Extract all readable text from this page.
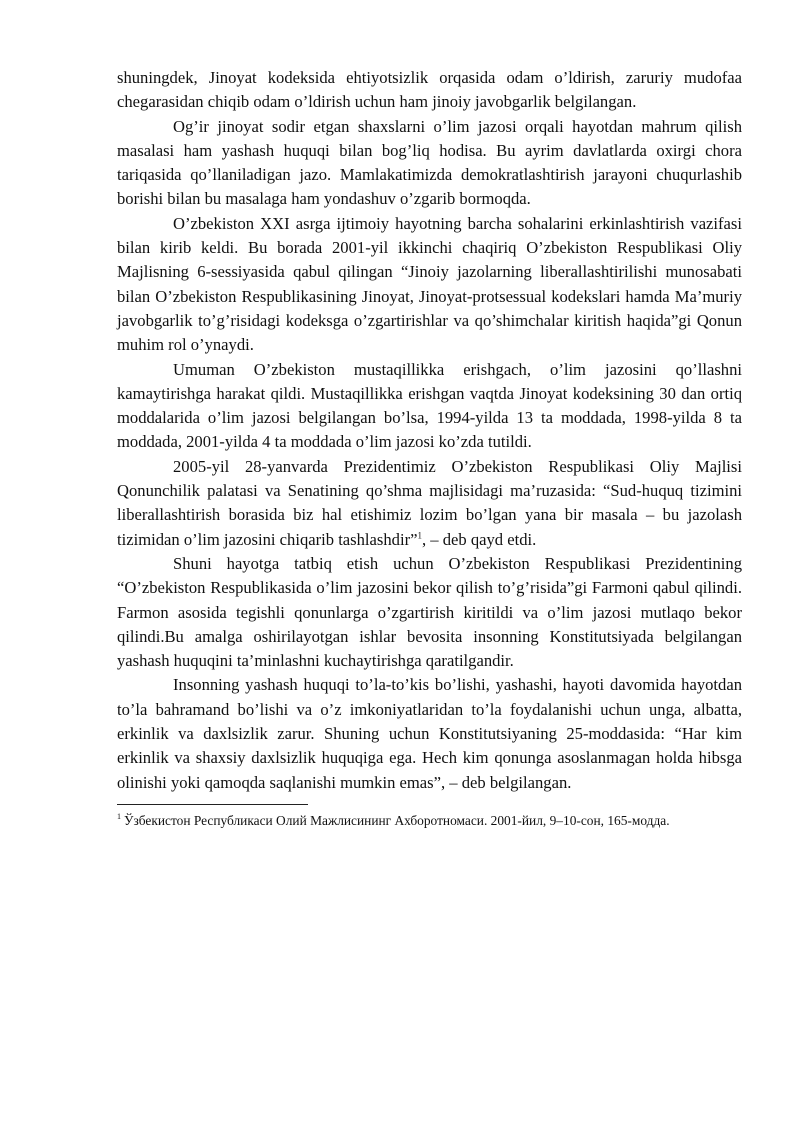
shuningdek, Jinoyat kodeksida ehtiyotsizlik orqasida odam o’ldirish, zaruriy mudofaa chegarasidan chiqib odam o’ldirish uchun ham jinoiy javobgarlik belgilangan.

Og’ir jinoyat sodir etgan shaxslarni o’lim jazosi orqali hayotdan mahrum qilish masalasi ham yashash huquqi bilan bog’liq hodisa. Bu ayrim davlatlarda oxirgi chora tariqasida qo’llaniladigan jazo. Mamlakatimizda demokratlashtirish jarayoni chuqurlashib borishi bilan bu masalaga ham yondashuv o’zgarib bormoqda.

O’zbekiston XXI asrga ijtimoiy hayotning barcha sohalarini erkinlashtirish vazifasi bilan kirib keldi. Bu borada 2001-yil ikkinchi chaqiriq O’zbekiston Respublikasi Oliy Majlisning 6-sessiyasida qabul qilingan “Jinoiy jazolarning liberallashtirilishi munosabati bilan O’zbekiston Respublikasining Jinoyat, Jinoyat-protsessual kodekslari hamda Ma’muriy javobgarlik to’g’risidagi kodeksga o’zgartirishlar va qo’shimchalar kiritish haqida”gi Qonun muhim rol o’ynaydi.

Umuman O’zbekiston mustaqillikka erishgach, o’lim jazosini qo’llashni kamaytirishga harakat qildi. Mustaqillikka erishgan vaqtda Jinoyat kodeksining 30 dan ortiq moddalarida o’lim jazosi belgilangan bo’lsa, 1994-yilda 13 ta moddada, 1998-yilda 8 ta moddada, 2001-yilda 4 ta moddada o’lim jazosi ko’zda tutildi.

2005-yil 28-yanvarda Prezidentimiz O’zbekiston Respublikasi Oliy Majlisi Qonunchilik palatasi va Senatining qo’shma majlisidagi ma’ruzasida: “Sud-huquq tizimini liberallashtirish borasida biz hal etishimiz lozim bo’lgan yana bir masala – bu jazolash tizimidan o’lim jazosini chiqarib tashlashdir”$^1$, – deb qayd etdi.

Shuni hayotga tatbiq etish uchun O’zbekiston Respublikasi Prezidentining “O’zbekiston Respublikasida o’lim jazosini bekor qilish to’g’risida”gi Farmoni qabul qilindi. Farmon asosida tegishli qonunlarga o’zgartirish kiritildi va o’lim jazosi mutlaqo bekor qilindi.Bu amalga oshirilayotgan ishlar bevosita insonning Konstitutsiyada belgilangan yashash huquqini ta’minlashni kuchaytirishga qaratilgandir.

Insonning yashash huquqi to’la-to’kis bo’lishi, yashashi, hayoti davomida hayotdan to’la bahramand bo’lishi va o’z imkoniyatlaridan to’la foydalanishi uchun unga, albatta, erkinlik va daxlsizlik zarur. Shuning uchun Konstitutsiyaning 25-moddasida: “Har kim erkinlik va shaxsiy daxlsizlik huquqiga ega. Hech kim qonunga asoslanmagan holda hibsga olinishi yoki qamoqda saqlanishi mumkin emas”, – deb belgilangan.

$^1$ Ўзбекистон Республикаси Олий Мажлисининг Ахборотномаси. 2001-йил, 9–10-сон, 165-модда.
